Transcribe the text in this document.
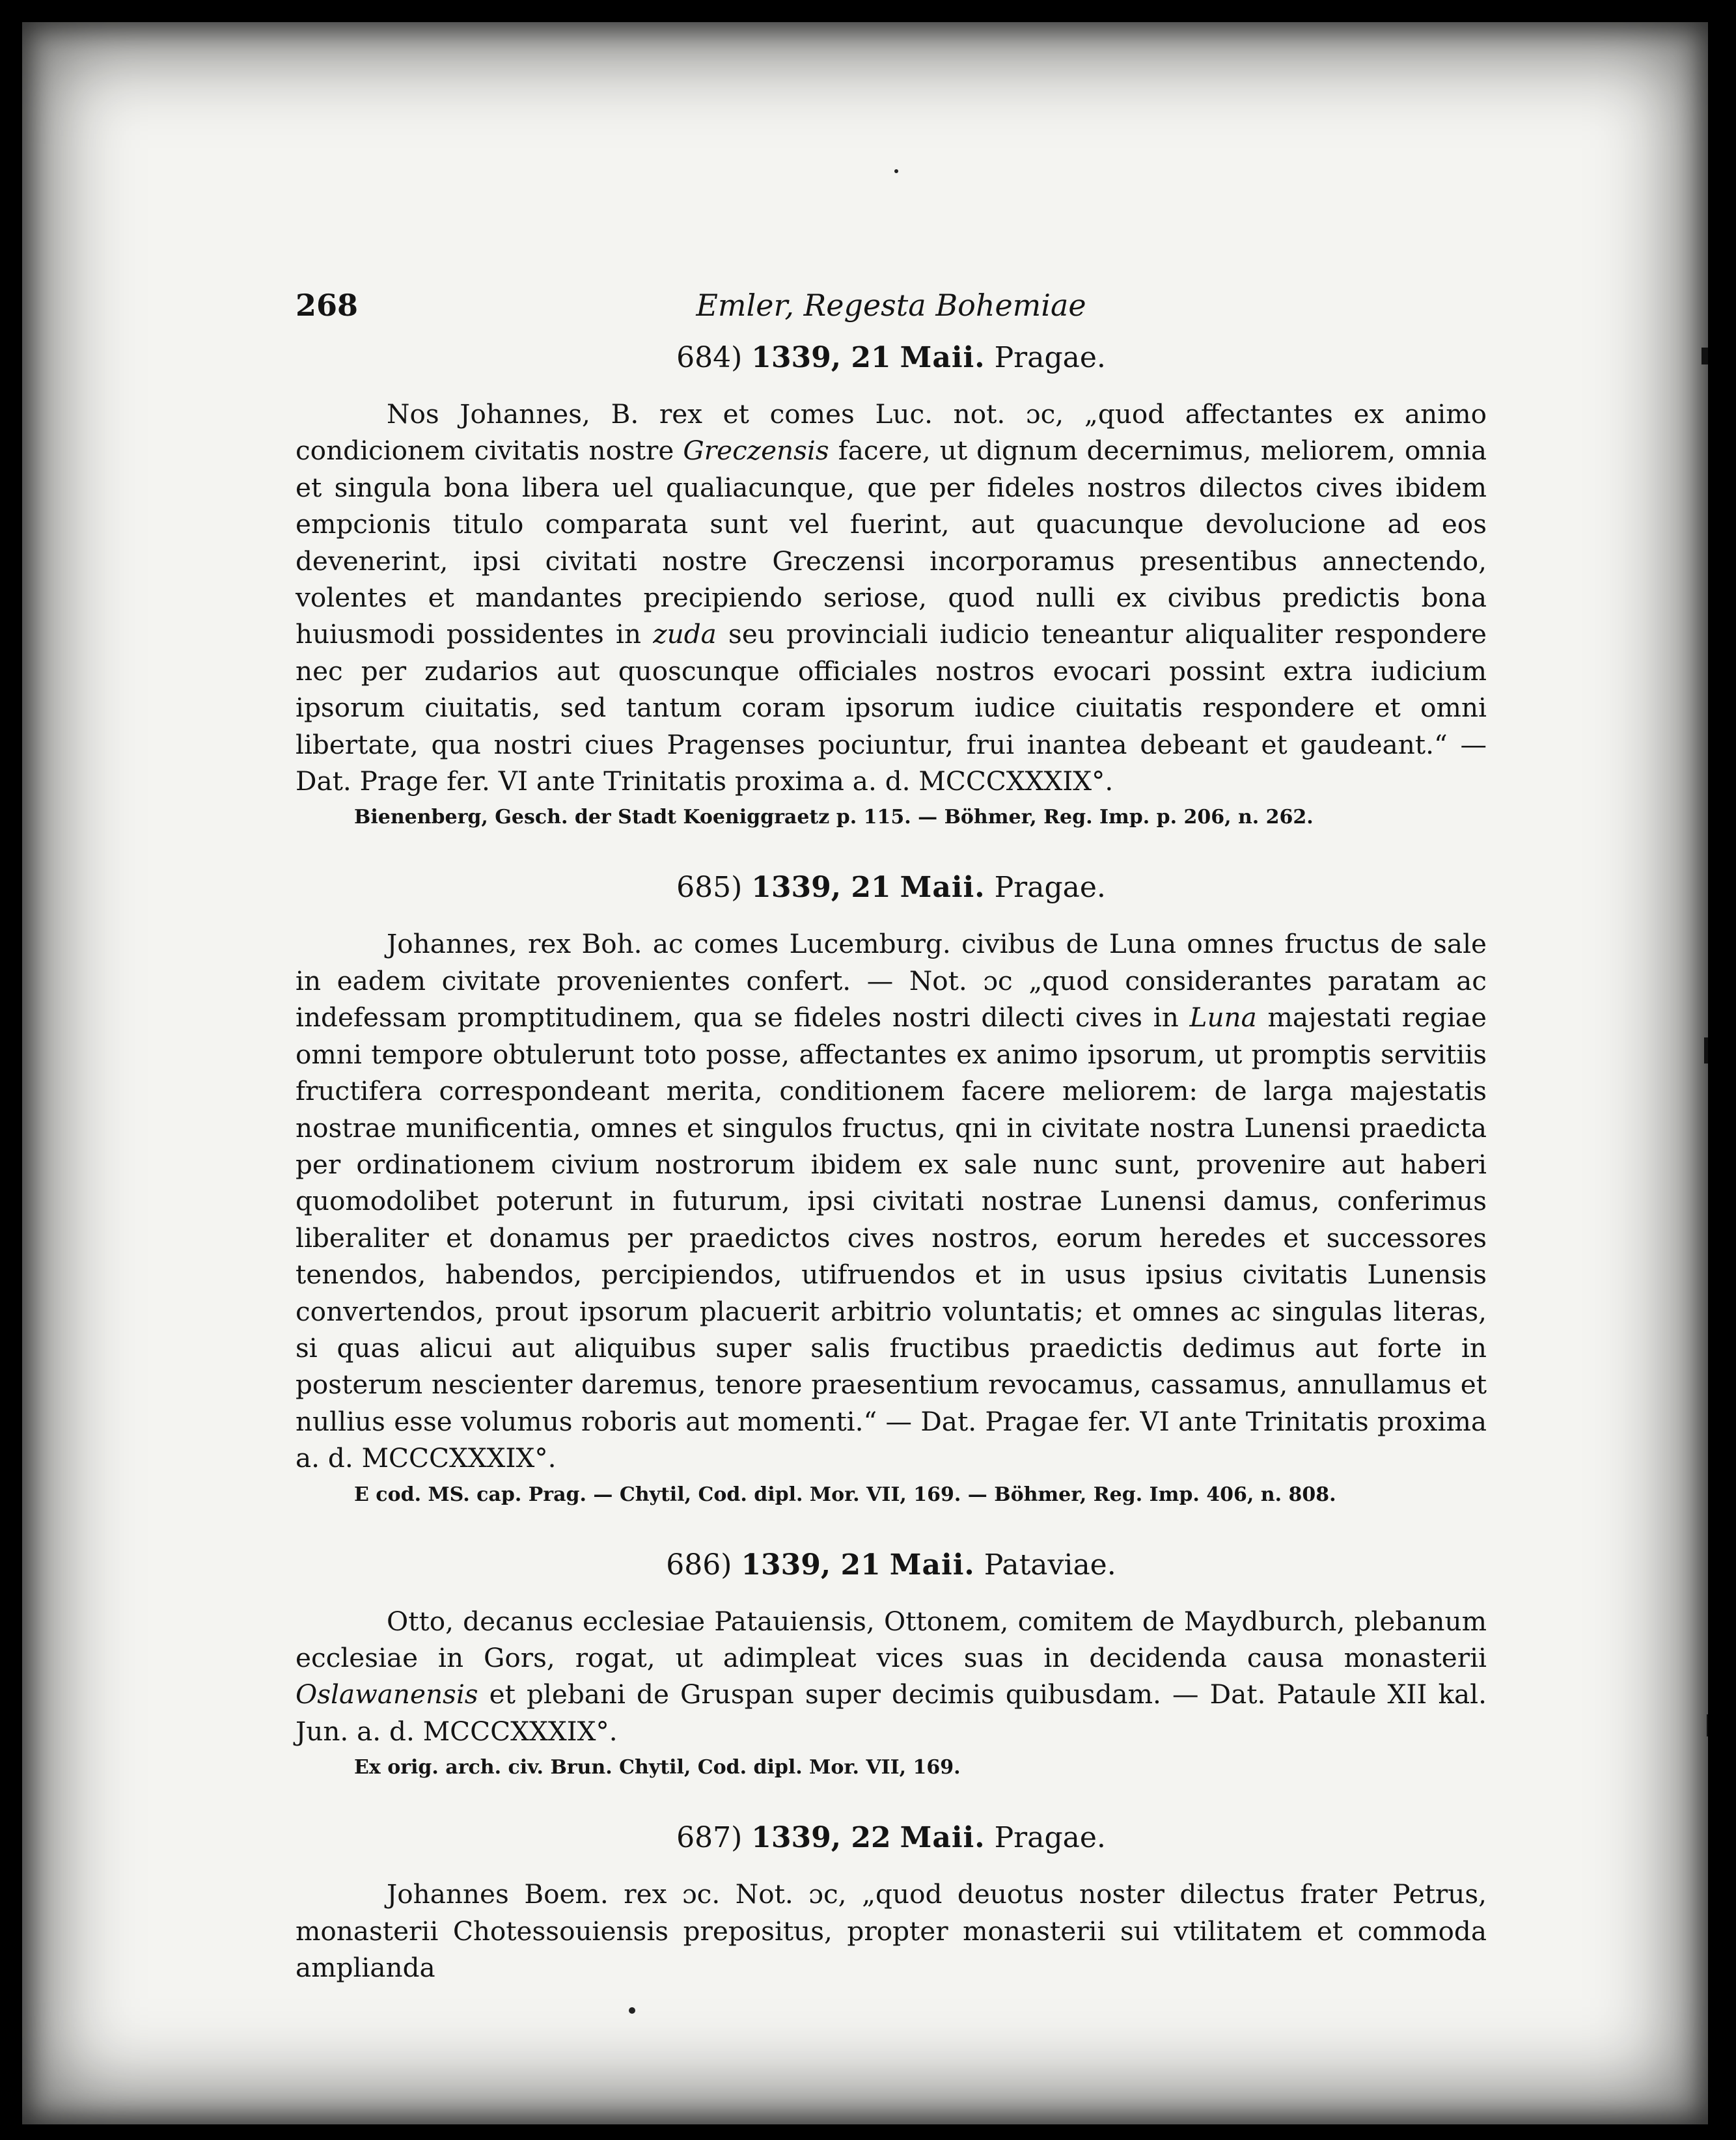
268	Emler, Regesta Bohemiae
684) 1339, 21 Maii. Pragae.

Nos Johannes, B. rex et comes Luc. not. ɔc, „quod affectantes ex animo condicionem civitatis nostre Greczensis facere, ut dignum decernimus, meliorem, omnia et singula bona libera uel qualiacunque, que per fideles nostros dilectos cives ibidem empcionis titulo comparata sunt vel fuerint, aut quacunque devolucione ad eos devenerint, ipsi civitati nostre Greczensi incorporamus presentibus annectendo, volentes et mandantes precipiendo seriose, quod nulli ex civibus predictis bona huiusmodi possidentes in zuda seu provinciali iudicio teneantur aliqualiter respondere nec per zudarios aut quoscunque officiales nostros evocari possint extra iudicium ipsorum ciuitatis, sed tantum coram ipsorum iudice ciuitatis respondere et omni libertate, qua nostri ciues Pragenses pociuntur, frui inantea debeant et gaudeant.“ — Dat. Prage fer. VI ante Trinitatis proxima a. d. MCCCXXXIX°.

Bienenberg, Gesch. der Stadt Koeniggraetz p. 115. — Böhmer, Reg. Imp. p. 206, n. 262.
685) 1339, 21 Maii. Pragae.

Johannes, rex Boh. ac comes Lucemburg. civibus de Luna omnes fructus de sale in eadem civitate provenientes confert. — Not. ɔc „quod considerantes paratam ac indefessam promptitudinem, qua se fideles nostri dilecti cives in Luna majestati regiae omni tempore obtulerunt toto posse, affectantes ex animo ipsorum, ut promptis servitiis fructifera correspondeant merita, conditionem facere meliorem: de larga majestatis nostrae munificentia, omnes et singulos fructus, qni in civitate nostra Lunensi praedicta per ordinationem civium nostrorum ibidem ex sale nunc sunt, provenire aut haberi quomodolibet poterunt in futurum, ipsi civitati nostrae Lunensi damus, conferimus liberaliter et donamus per praedictos cives nostros, eorum heredes et successores tenendos, habendos, percipiendos, utifruendos et in usus ipsius civitatis Lunensis convertendos, prout ipsorum placuerit arbitrio voluntatis; et omnes ac singulas literas, si quas alicui aut aliquibus super salis fructibus praedictis dedimus aut forte in posterum nescienter daremus, tenore praesentium revocamus, cassamus, annullamus et nullius esse volumus roboris aut momenti.“ — Dat. Pragae fer. VI ante Trinitatis proxima a. d. MCCCXXXIX°.

E cod. MS. cap. Prag. — Chytil, Cod. dipl. Mor. VII, 169. — Böhmer, Reg. Imp. 406, n. 808.
686) 1339, 21 Maii. Pataviae.

Otto, decanus ecclesiae Patauiensis, Ottonem, comitem de Maydburch, plebanum ecclesiae in Gors, rogat, ut adimpleat vices suas in decidenda causa monasterii Oslawanensis et plebani de Gruspan super decimis quibusdam. — Dat. Pataule XII kal. Jun. a. d. MCCCXXXIX°.

Ex orig. arch. civ. Brun. Chytil, Cod. dipl. Mor. VII, 169.
687) 1339, 22 Maii. Pragae.

Johannes Boem. rex ɔc. Not. ɔc, „quod deuotus noster dilectus frater Petrus, monasterii Chotessouiensis prepositus, propter monasterii sui vtilitatem et commoda amplianda
